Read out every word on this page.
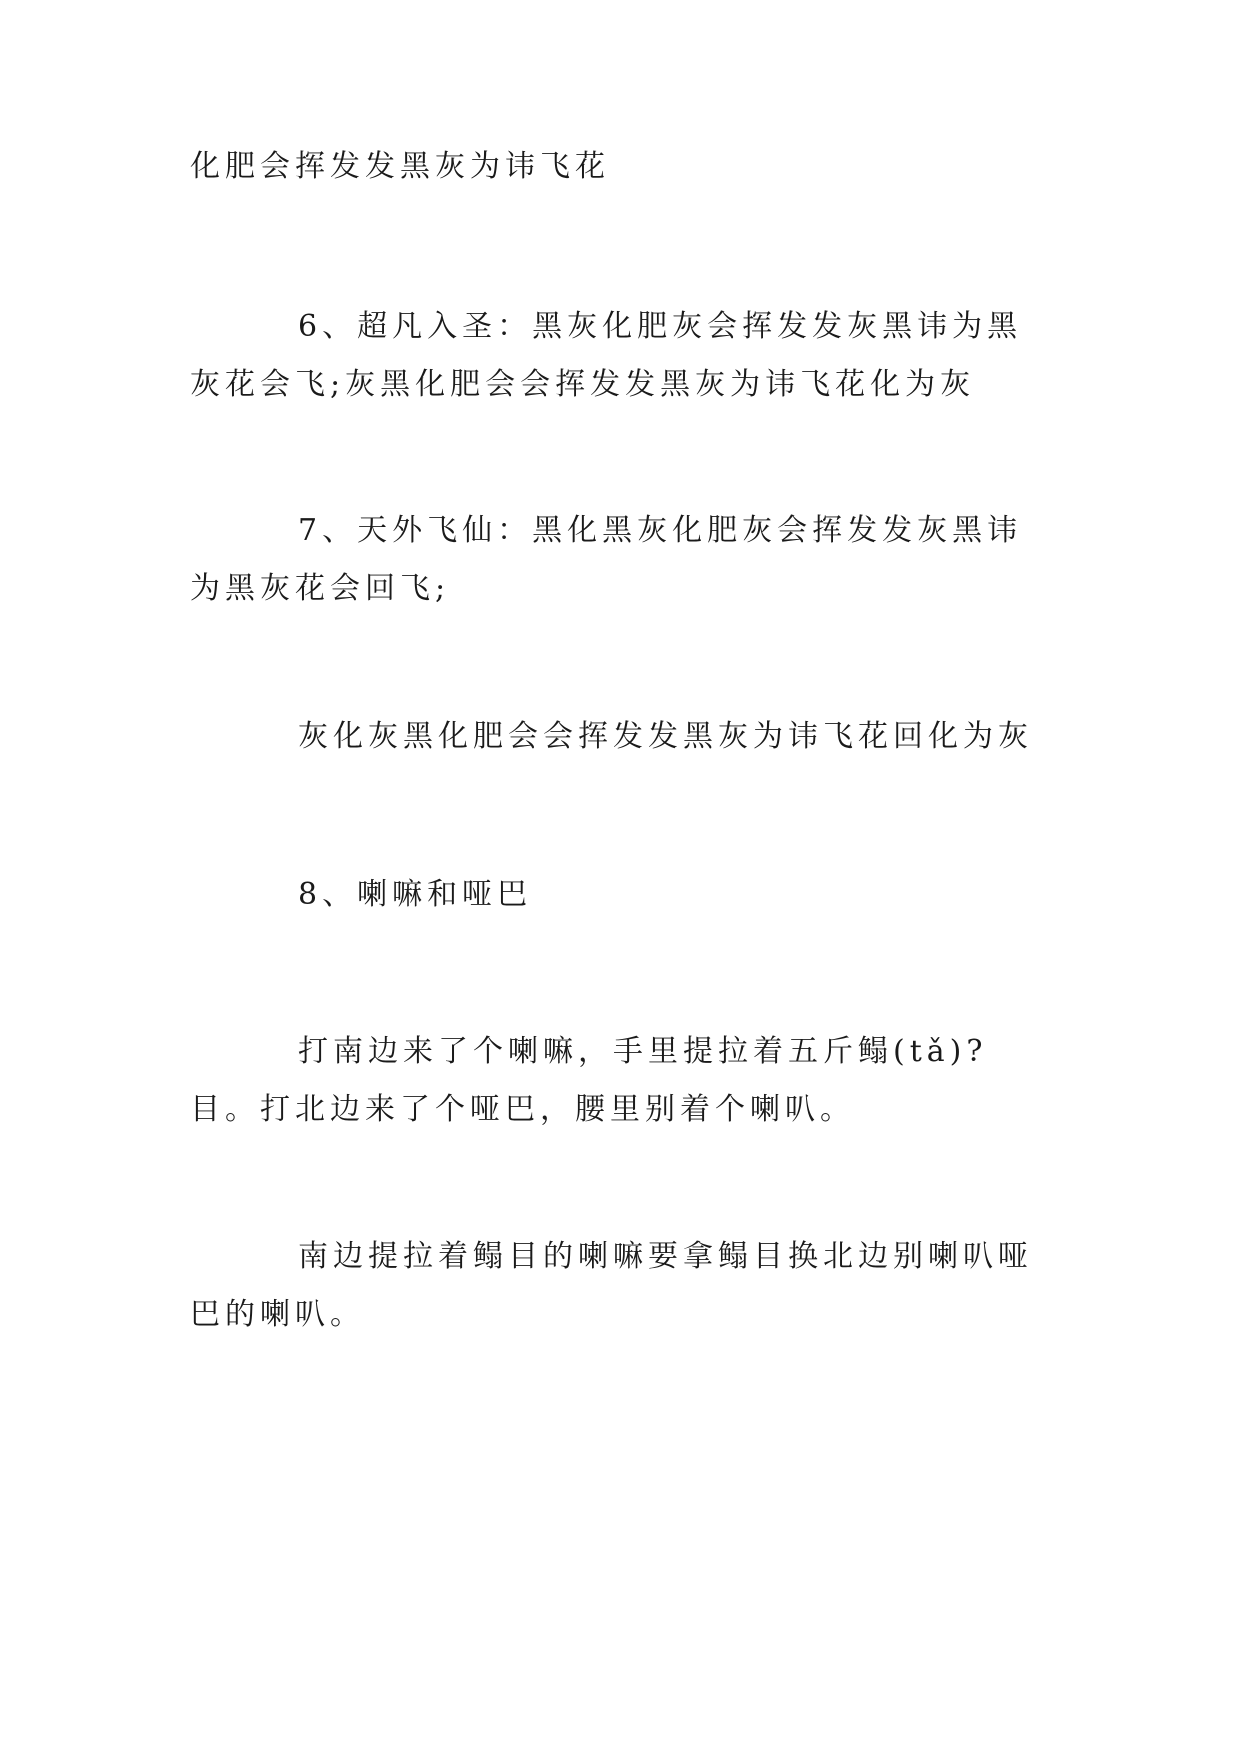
化肥会挥发发黑灰为讳飞花

6、超凡入圣：黑灰化肥灰会挥发发灰黑讳为黑灰花会飞;灰黑化肥会会挥发发黑灰为讳飞花化为灰

7、天外飞仙：黑化黑灰化肥灰会挥发发灰黑讳为黑灰花会回飞;

灰化灰黑化肥会会挥发发黑灰为讳飞花回化为灰

8、喇嘛和哑巴

打南边来了个喇嘛，手里提拉着五斤鳎(tǎ)?目。打北边来了个哑巴，腰里别着个喇叭。

南边提拉着鳎目的喇嘛要拿鳎目换北边别喇叭哑巴的喇叭。
